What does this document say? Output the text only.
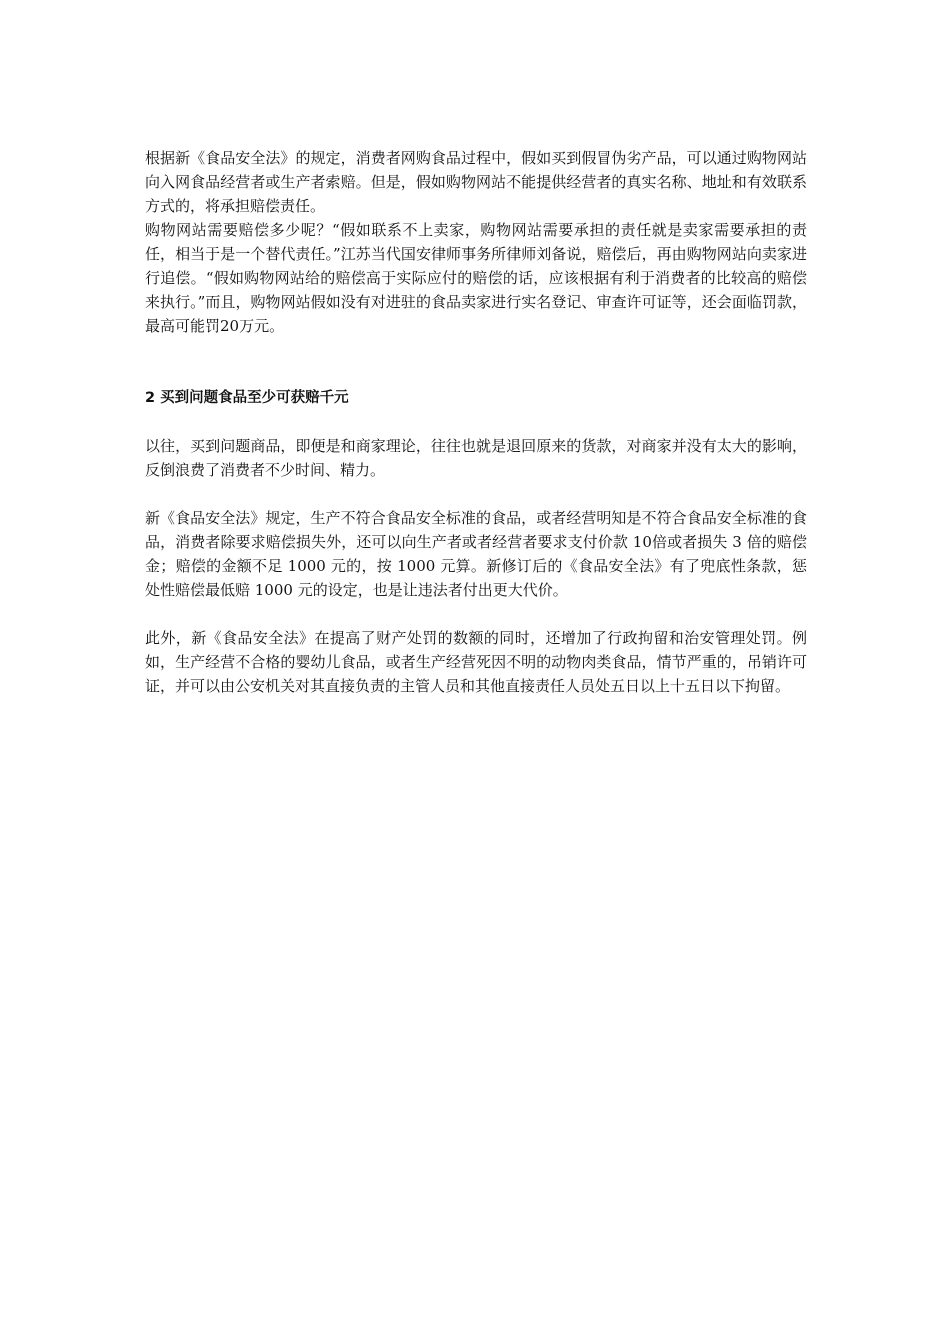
根据新《食品安全法》的规定，消费者网购食品过程中，假如买到假冒伪劣产品，可以通过购物网站向入网食品经营者或生产者索赔。但是，假如购物网站不能提供经营者的真实名称、地址和有效联系方式的，将承担赔偿责任。

购物网站需要赔偿多少呢？“假如联系不上卖家，购物网站需要承担的责任就是卖家需要承担的责任，相当于是一个替代责任。”江苏当代国安律师事务所律师刘备说，赔偿后，再由购物网站向卖家进行追偿。“假如购物网站给的赔偿高于实际应付的赔偿的话，应该根据有利于消费者的比较高的赔偿来执行。”而且，购物网站假如没有对进驻的食品卖家进行实名登记、审查许可证等，还会面临罚款，最高可能罚20万元。

2 买到问题食品至少可获赔千元

以往，买到问题商品，即便是和商家理论，往往也就是退回原来的货款，对商家并没有太大的影响，反倒浪费了消费者不少时间、精力。

新《食品安全法》规定，生产不符合食品安全标准的食品，或者经营明知是不符合食品安全标准的食品，消费者除要求赔偿损失外，还可以向生产者或者经营者要求支付价款 10倍或者损失 3 倍的赔偿金；赔偿的金额不足 1000 元的，按 1000 元算。新修订后的《食品安全法》有了兜底性条款，惩处性赔偿最低赔 1000 元的设定，也是让违法者付出更大代价。

此外，新《食品安全法》在提高了财产处罚的数额的同时，还增加了行政拘留和治安管理处罚。例如，生产经营不合格的婴幼儿食品，或者生产经营死因不明的动物肉类食品，情节严重的，吊销许可证，并可以由公安机关对其直接负责的主管人员和其他直接责任人员处五日以上十五日以下拘留。
